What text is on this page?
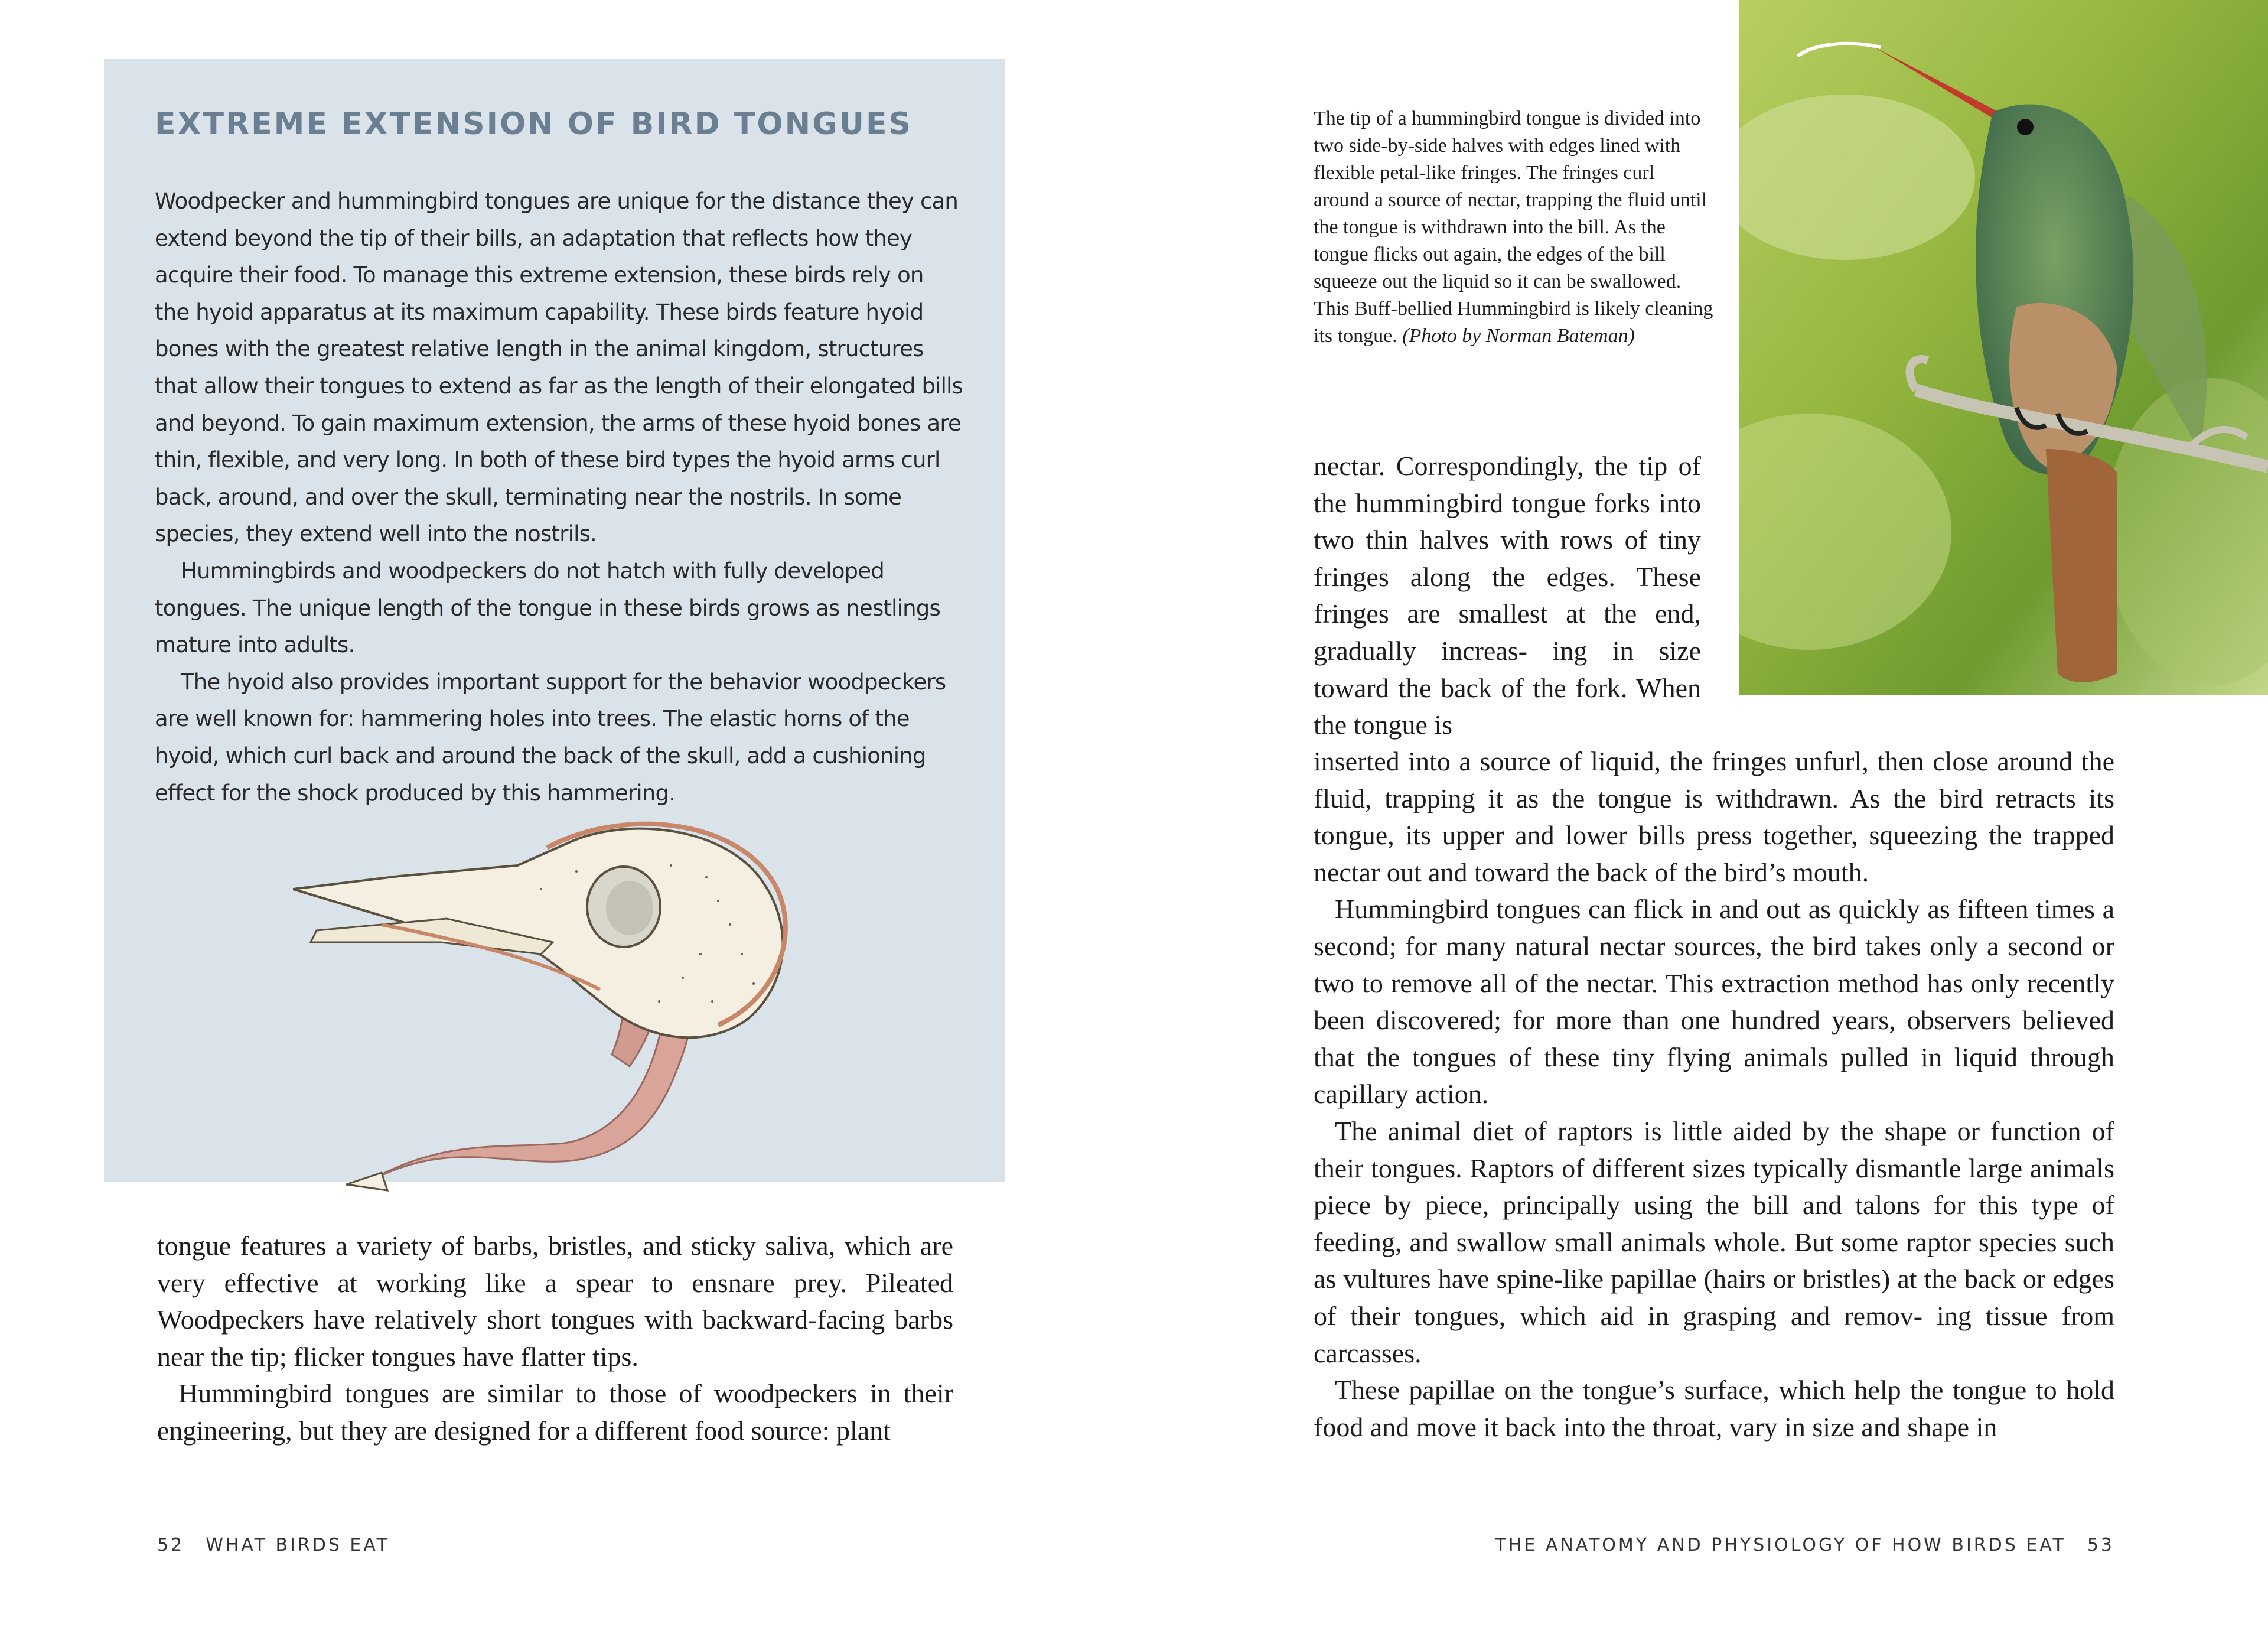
EXTREME EXTENSION OF BIRD TONGUES

Woodpecker and hummingbird tongues are unique for the distance they can extend beyond the tip of their bills, an adaptation that reflects how they acquire their food. To manage this extreme extension, these birds rely on the hyoid apparatus at its maximum capability. These birds feature hyoid bones with the greatest relative length in the animal kingdom, structures that allow their tongues to extend as far as the length of their elongated bills and beyond. To gain maximum extension, the arms of these hyoid bones are thin, flexible, and very long. In both of these bird types the hyoid arms curl back, around, and over the skull, terminating near the nostrils. In some species, they extend well into the nostrils.

Hummingbirds and woodpeckers do not hatch with fully developed tongues. The unique length of the tongue in these birds grows as nestlings mature into adults.

The hyoid also provides important support for the behavior woodpeckers are well known for: hammering holes into trees. The elastic horns of the hyoid, which curl back and around the back of the skull, add a cushioning effect for the shock produced by this hammering.

tongue features a variety of barbs, bristles, and sticky saliva, which are very effective at working like a spear to ensnare prey. Pileated Woodpeckers have relatively short tongues with backward-facing barbs near the tip; flicker tongues have flatter tips.

Hummingbird tongues are similar to those of woodpeckers in their engineering, but they are designed for a different food source: plant

The tip of a hummingbird tongue is divided into two side-by-side halves with edges lined with flexible petal-like fringes. The fringes curl around a source of nectar, trapping the fluid until the tongue is withdrawn into the bill. As the tongue flicks out again, the edges of the bill squeeze out the liquid so it can be swallowed. This Buff-bellied Hummingbird is likely cleaning its tongue. (Photo by Norman Bateman)

nectar. Correspondingly, the tip of the hummingbird tongue forks into two thin halves with rows of tiny fringes along the edges. These fringes are smallest at the end, gradually increas- ing in size toward the back of the fork. When the tongue is

inserted into a source of liquid, the fringes unfurl, then close around the fluid, trapping it as the tongue is withdrawn. As the bird retracts its tongue, its upper and lower bills press together, squeezing the trapped nectar out and toward the back of the bird’s mouth.

Hummingbird tongues can flick in and out as quickly as fifteen times a second; for many natural nectar sources, the bird takes only a second or two to remove all of the nectar. This extraction method has only recently been discovered; for more than one hundred years, observers believed that the tongues of these tiny flying animals pulled in liquid through capillary action.

The animal diet of raptors is little aided by the shape or function of their tongues. Raptors of different sizes typically dismantle large animals piece by piece, principally using the bill and talons for this type of feeding, and swallow small animals whole. But some raptor species such as vultures have spine-like papillae (hairs or bristles) at the back or edges of their tongues, which aid in grasping and remov- ing tissue from carcasses.

These papillae on the tongue’s surface, which help the tongue to hold food and move it back into the throat, vary in size and shape in

52 WHAT BIRDS EAT	THE ANATOMY AND PHYSIOLOGY OF HOW BIRDS EAT 53
